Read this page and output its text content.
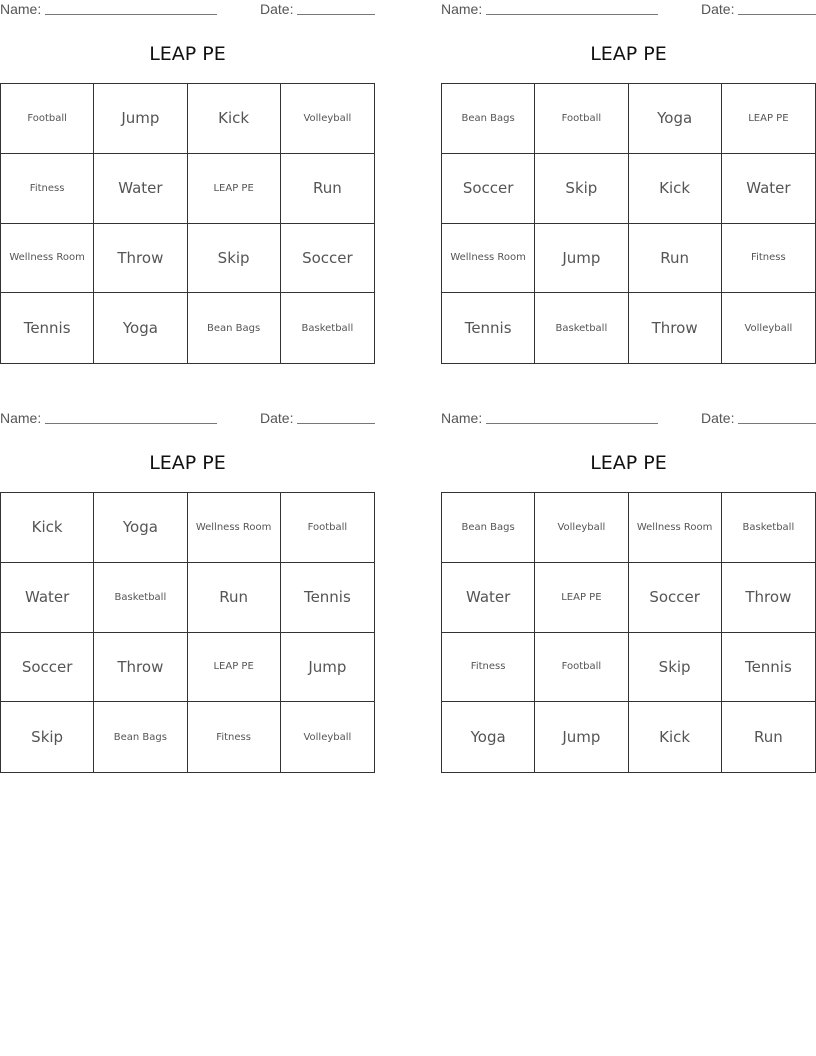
Name:	Date:
LEAP PE
Football	Jump	Kick	Volleyball
Fitness	Water	LEAP PE	Run
Wellness Room	Throw	Skip	Soccer
Tennis	Yoga	Bean Bags	Basketball
Name:	Date:
LEAP PE
Bean Bags	Football	Yoga	LEAP PE
Soccer	Skip	Kick	Water
Wellness Room	Jump	Run	Fitness
Tennis	Basketball	Throw	Volleyball
Name:	Date:
LEAP PE
Kick	Yoga	Wellness Room	Football
Water	Basketball	Run	Tennis
Soccer	Throw	LEAP PE	Jump
Skip	Bean Bags	Fitness	Volleyball
Name:	Date:
LEAP PE
Bean Bags	Volleyball	Wellness Room	Basketball
Water	LEAP PE	Soccer	Throw
Fitness	Football	Skip	Tennis
Yoga	Jump	Kick	Run
